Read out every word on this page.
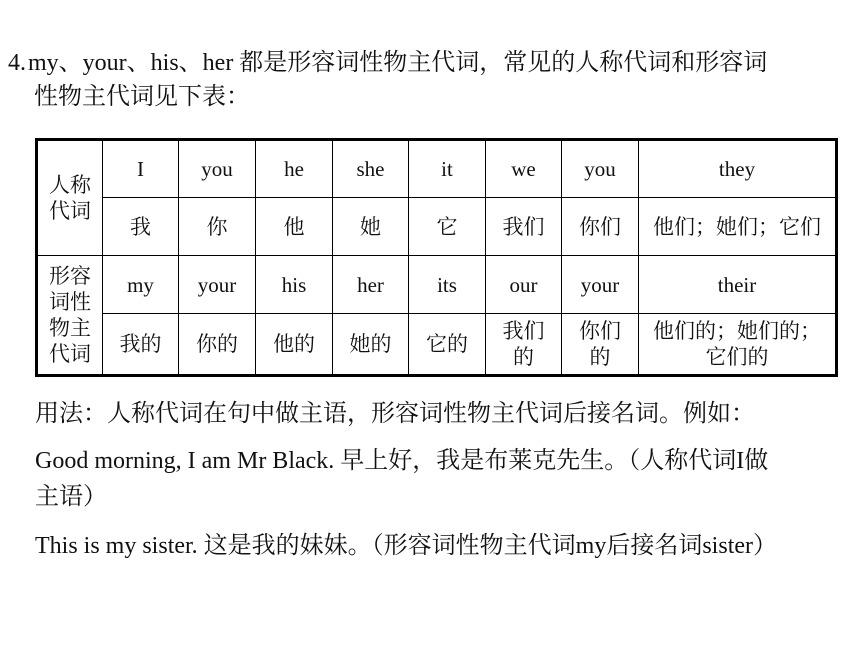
4.my、your、his、her 都是形容词性物主代词，常见的人称代词和形容词
性物主代词见下表：
人称
代词	I	you	he	she	it	we	you	they
	我	你	他	她	它	我们	你们	他们；她们；它们
形容
词性
物主
代词	my	your	his	her	its	our	your	their
	我的	你的	他的	她的	它的	我们
的	你们
的	他们的；她们的；
它们的
用法：人称代词在句中做主语，形容词性物主代词后接名词。例如：
Good morning, I am Mr Black. 早上好，我是布莱克先生。（人称代词I做
主语）
This is my sister. 这是我的妹妹。（形容词性物主代词my后接名词sister）
